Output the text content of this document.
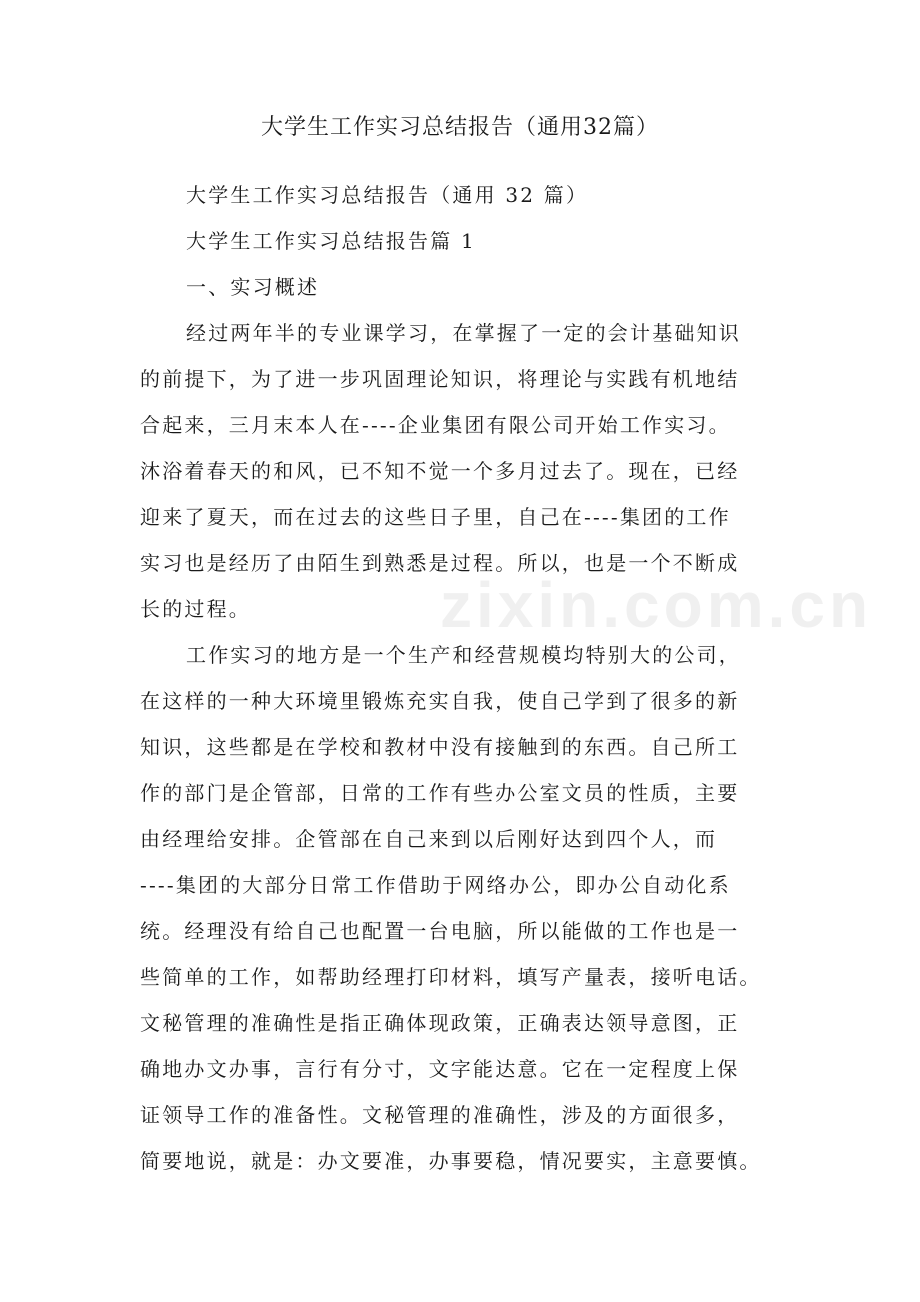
zixin.com.cn
大学生工作实习总结报告（通用32篇）
大学生工作实习总结报告（通用 32 篇）
大学生工作实习总结报告篇 1
一、实习概述
经过两年半的专业课学习，在掌握了一定的会计基础知识
的前提下，为了进一步巩固理论知识，将理论与实践有机地结
合起来，三月末本人在----企业集团有限公司开始工作实习。
沐浴着春天的和风，已不知不觉一个多月过去了。现在，已经
迎来了夏天，而在过去的这些日子里，自己在----集团的工作
实习也是经历了由陌生到熟悉是过程。所以，也是一个不断成
长的过程。
工作实习的地方是一个生产和经营规模均特别大的公司，
在这样的一种大环境里锻炼充实自我，使自己学到了很多的新
知识，这些都是在学校和教材中没有接触到的东西。自己所工
作的部门是企管部，日常的工作有些办公室文员的性质，主要
由经理给安排。企管部在自己来到以后刚好达到四个人，而
----集团的大部分日常工作借助于网络办公，即办公自动化系
统。经理没有给自己也配置一台电脑，所以能做的工作也是一
些简单的工作，如帮助经理打印材料，填写产量表，接听电话。
文秘管理的准确性是指正确体现政策，正确表达领导意图，正
确地办文办事，言行有分寸，文字能达意。它在一定程度上保
证领导工作的准备性。文秘管理的准确性，涉及的方面很多，
简要地说，就是：办文要准，办事要稳，情况要实，主意要慎。
